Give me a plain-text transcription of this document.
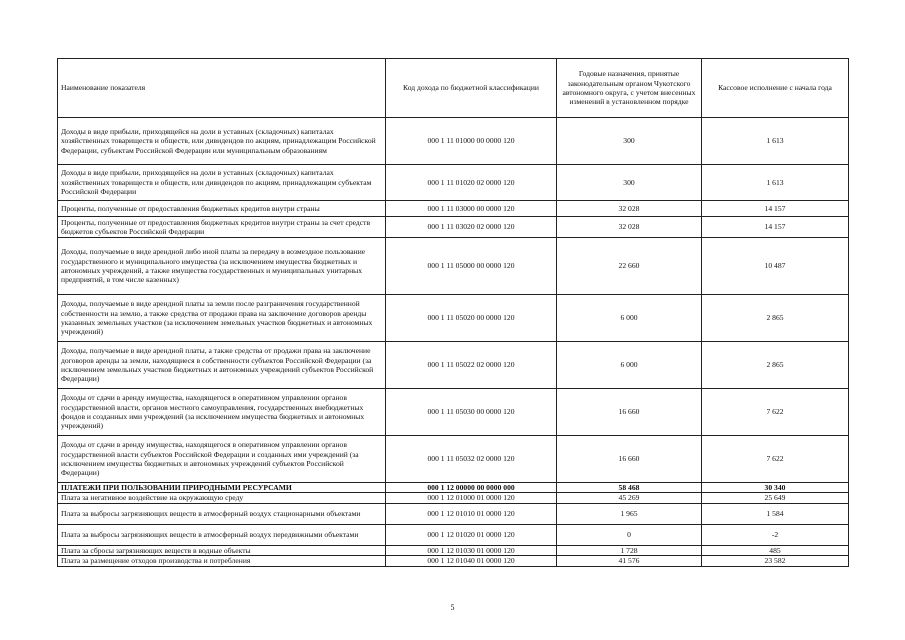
Наименование показателя	Код дохода по бюджетной классификации	Годовые назначения, принятые законодательным органом Чукотского автономного округа, с учетом внесенных изменений в установленном порядке	Кассовое исполнение с начала года
Доходы в виде прибыли, приходящейся на доли в уставных (складочных) капиталах хозяйственных товариществ и обществ, или дивидендов по акциям, принадлежащим Российской Федерации, субъектам Российской Федерации или муниципальным образованиям	000 1 11 01000 00 0000 120	300	1 613
Доходы в виде прибыли, приходящейся на доли в уставных (складочных) капиталах хозяйственных товариществ и обществ, или дивидендов по акциям, принадлежащим субъектам Российской Федерации	000 1 11 01020 02 0000 120	300	1 613
Проценты, полученные от предоставления бюджетных кредитов внутри страны	000 1 11 03000 00 0000 120	32 028	14 157
Проценты, полученные от предоставления бюджетных кредитов внутри страны за счет средств бюджетов субъектов Российской Федерации	000 1 11 03020 02 0000 120	32 028	14 157
Доходы, получаемые в виде арендной либо иной платы за передачу в возмездное пользование государственного и муниципального имущества (за исключением имущества бюджетных и автономных учреждений, а также имущества государственных и муниципальных унитарных предприятий, в том числе казенных)	000 1 11 05000 00 0000 120	22 660	10 487
Доходы, получаемые в виде арендной платы за земли после разграничения государственной собственности на землю, а также средства от продажи права на заключение договоров аренды указанных земельных участков (за исключением земельных участков бюджетных и автономных учреждений)	000 1 11 05020 00 0000 120	6 000	2 865
Доходы, получаемые в виде арендной платы, а также средства от продажи права на заключение договоров аренды за земли, находящиеся в собственности субъектов Российской Федерации (за исключением земельных участков бюджетных и автономных учреждений субъектов Российской Федерации)	000 1 11 05022 02 0000 120	6 000	2 865
Доходы от сдачи в аренду имущества, находящегося в оперативном управлении органов государственной власти, органов местного самоуправления, государственных внебюджетных фондов и созданных ими учреждений (за исключением имущества бюджетных и автономных учреждений)	000 1 11 05030 00 0000 120	16 660	7 622
Доходы от сдачи в аренду имущества, находящегося в оперативном управлении органов государственной власти субъектов Российской Федерации и созданных ими учреждений (за исключением имущества бюджетных и автономных учреждений субъектов Российской Федерации)	000 1 11 05032 02 0000 120	16 660	7 622
ПЛАТЕЖИ ПРИ ПОЛЬЗОВАНИИ ПРИРОДНЫМИ РЕСУРСАМИ	000 1 12 00000 00 0000 000	58 468	30 340
Плата за негативное воздействие на окружающую среду	000 1 12 01000 01 0000 120	45 269	25 649
Плата за выбросы загрязняющих веществ в атмосферный воздух стационарными объектами	000 1 12 01010 01 0000 120	1 965	1 584
Плата за выбросы загрязняющих веществ в атмосферный воздух передвижными объектами	000 1 12 01020 01 0000 120	0	-2
Плата за сбросы загрязняющих веществ в водные объекты	000 1 12 01030 01 0000 120	1 728	485
Плата за размещение отходов производства и потребления	000 1 12 01040 01 0000 120	41 576	23 582
5
